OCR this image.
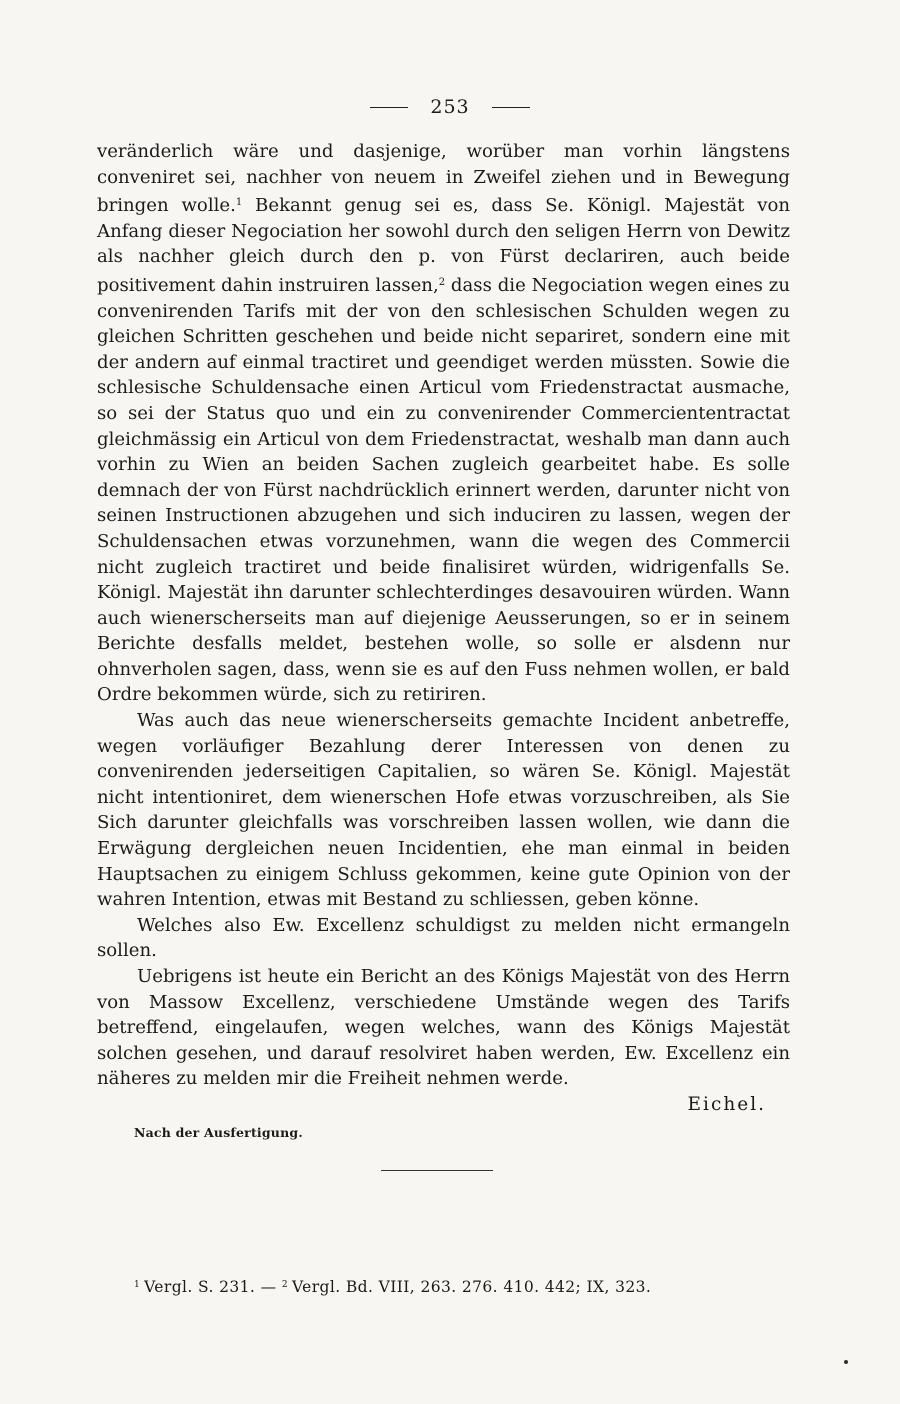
253

veränderlich wäre und dasjenige, worüber man vorhin längstens conveniret sei, nachher von neuem in Zweifel ziehen und in Bewegung bringen wolle.$^1$ Bekannt genug sei es, dass Se. Königl. Majestät von Anfang dieser Negociation her sowohl durch den seligen Herrn von Dewitz als nachher gleich durch den p. von Fürst declariren, auch beide positivement dahin instruiren lassen,$^2$ dass die Negociation wegen eines zu convenirenden Tarifs mit der von den schlesischen Schulden wegen zu gleichen Schritten geschehen und beide nicht separiret, sondern eine mit der andern auf einmal tractiret und geendiget werden müssten. Sowie die schlesische Schuldensache einen Articul vom Friedenstractat ausmache, so sei der Status quo und ein zu convenirender Commerciententractat gleichmässig ein Articul von dem Friedenstractat, weshalb man dann auch vorhin zu Wien an beiden Sachen zugleich gearbeitet habe. Es solle demnach der von Fürst nachdrücklich erinnert werden, darunter nicht von seinen Instructionen abzugehen und sich induciren zu lassen, wegen der Schuldensachen etwas vorzunehmen, wann die wegen des Commercii nicht zugleich tractiret und beide finalisiret würden, widrigenfalls Se. Königl. Majestät ihn darunter schlechterdinges desavouiren würden. Wann auch wienerscherseits man auf diejenige Aeusserungen, so er in seinem Berichte desfalls meldet, bestehen wolle, so solle er alsdenn nur ohnverholen sagen, dass, wenn sie es auf den Fuss nehmen wollen, er bald Ordre bekommen würde, sich zu retiriren.

Was auch das neue wienerscherseits gemachte Incident anbetreffe, wegen vorläufiger Bezahlung derer Interessen von denen zu convenirenden jederseitigen Capitalien, so wären Se. Königl. Majestät nicht intentioniret, dem wienerschen Hofe etwas vorzuschreiben, als Sie Sich darunter gleichfalls was vorschreiben lassen wollen, wie dann die Erwägung dergleichen neuen Incidentien, ehe man einmal in beiden Hauptsachen zu einigem Schluss gekommen, keine gute Opinion von der wahren Intention, etwas mit Bestand zu schliessen, geben könne.

Welches also Ew. Excellenz schuldigst zu melden nicht ermangeln sollen.

Uebrigens ist heute ein Bericht an des Königs Majestät von des Herrn von Massow Excellenz, verschiedene Umstände wegen des Tarifs betreffend, eingelaufen, wegen welches, wann des Königs Majestät solchen gesehen, und darauf resolviret haben werden, Ew. Excellenz ein näheres zu melden mir die Freiheit nehmen werde.

Eichel.
Nach der Ausfertigung.
$^1$ Vergl. S. 231. — $^2$ Vergl. Bd. VIII, 263. 276. 410. 442; IX, 323.
